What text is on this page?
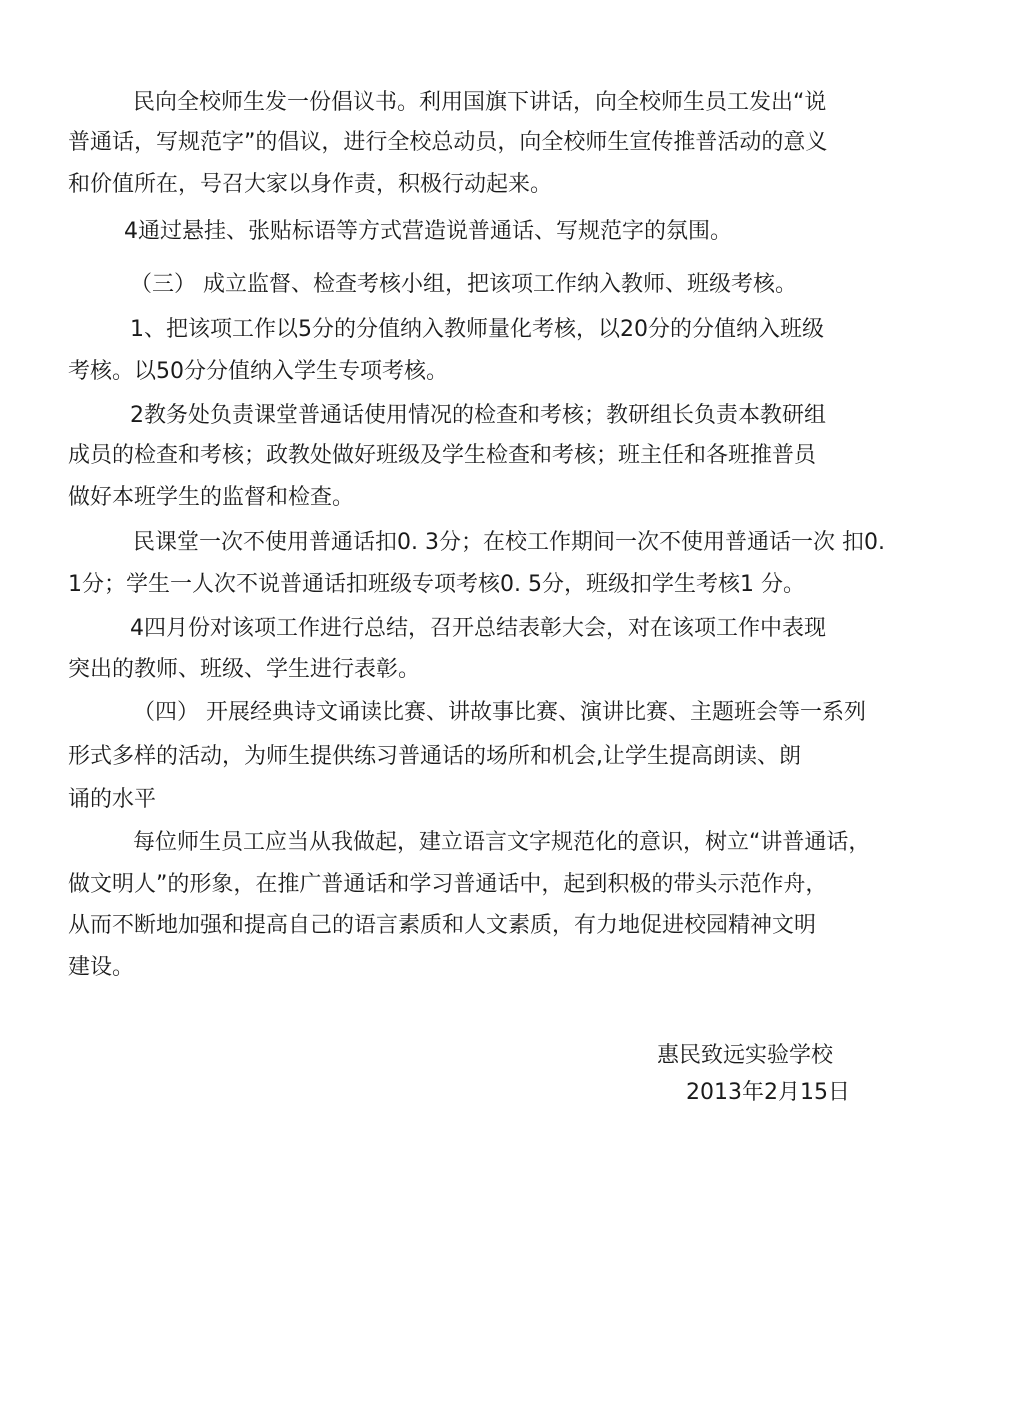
民向全校师生发一份倡议书。利用国旗下讲话，向全校师生员工发出“说
普通话，写规范字”的倡议，进行全校总动员，向全校师生宣传推普活动的意义
和价值所在，号召大家以身作责，积极行动起来。
4通过悬挂、张贴标语等方式营造说普通话、写规范字的氛围。
（三） 成立监督、检查考核小组，把该项工作纳入教师、班级考核。
1、把该项工作以5分的分值纳入教师量化考核，以20分的分值纳入班级
考核。以50分分值纳入学生专项考核。
2教务处负责课堂普通话使用情况的检查和考核；教研组长负责本教研组
成员的检查和考核；政教处做好班级及学生检查和考核；班主任和各班推普员
做好本班学生的监督和检查。
民课堂一次不使用普通话扣0. 3分；在校工作期间一次不使用普通话一次 扣0.
1分；学生一人次不说普通话扣班级专项考核0. 5分，班级扣学生考核1 分。
4四月份对该项工作进行总结，召开总结表彰大会，对在该项工作中表现
突出的教师、班级、学生进行表彰。
（四） 开展经典诗文诵读比赛、讲故事比赛、演讲比赛、主题班会等一系列
形式多样的活动，为师生提供练习普通话的场所和机会,让学生提高朗读、朗
诵的水平
每位师生员工应当从我做起，建立语言文字规范化的意识，树立“讲普通话，
做文明人”的形象，在推广普通话和学习普通话中，起到积极的带头示范作舟，
从而不断地加强和提高自己的语言素质和人文素质，有力地促进校园精神文明
建设。
惠民致远实验学校
2013年2月15日
